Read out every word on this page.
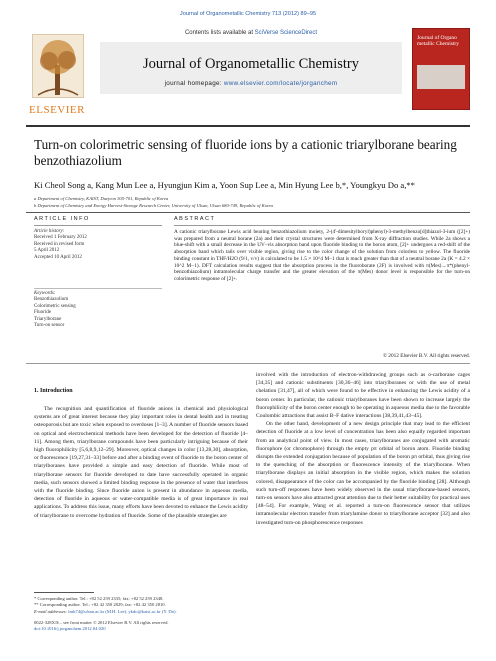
Journal of Organometallic Chemistry 713 (2012) 89–95
ELSEVIER
Contents lists available at SciVerse ScienceDirect
Journal of Organometallic Chemistry
journal homepage: www.elsevier.com/locate/jorganchem
Journal of Organo metallic Chemistry
Turn-on colorimetric sensing of fluoride ions by a cationic triarylborane bearing benzothiazolium
Ki Cheol Song a, Kang Mun Lee a, Hyungjun Kim a, Yoon Sup Lee a, Min Hyung Lee b,*, Youngkyu Do a,**
a Department of Chemistry, KAIST, Daejeon 305-701, Republic of Korea
b Department of Chemistry and Energy Harvest-Storage Research Center, University of Ulsan, Ulsan 680-749, Republic of Korea
ARTICLE INFO	ABSTRACT
Article history:
Received 1 February 2012
Received in revised form
5 April 2012
Accepted 10 April 2012
Keywords:
Benzothiazolium
Colorimetric sensing
Fluoride
Triarylborane
Turn-on sensor
A cationic triarylborane Lewis acid bearing benzothiazolium moiety, 2-(4'-dimesitylboryl)phenyl)-3-methylbenzo[d]thiazol-3-ium ([2]+) was prepared from a neutral borane (2a) and their crystal structures were determined from X-ray diffraction studies. While 2a shows a blue-shift with a small decrease in the UV–vis absorption band upon fluoride binding to the boron atom, [2]+ undergoes a red-shift of the absorption band which tails over visible region, giving rise to the color change of the solution from colorless to yellow. The fluoride binding constant in THF/H2O (9/1, v/v) is calculated to be 1.5 × 10^4 M−1 that is much greater than that of a neutral borane 2a (K = 4.2 × 10^2 M−1). DFT calculation results suggest that the absorption process in the fluoroborate (2F) is involved with π(Mes)→π*(phenyl-benzothiazolium) intramolecular charge transfer and the greater elevation of the π(Mes) donor level is responsible for the turn-on colorimetric response of [2]+.
© 2012 Elsevier B.V. All rights reserved.
1. Introduction

The recognition and quantification of fluoride anions in chemical and physiological systems are of great interest because they play important roles in dental health and in treating osteoporosis but are toxic when exposed to overdoses [1–3]. A number of fluoride sensors based on optical and electrochemical methods have been developed for the detection of fluoride [4–11]. Among them, triarylborane compounds have been particularly intriguing because of their high fluorophilicity [5,6,8,9,12–29]. Moreover, optical changes in color [13,28,30], absorption, or fluorescence [19,27,31–33] before and after a binding event of fluoride to the boron center of triarylboranes have provided a simple and easy detection of fluoride. While most of triarylborane sensors for fluoride developed to date have successfully operated in organic media, such sensors showed a limited binding response in the presence of water that interferes with the fluoride binding. Since fluoride anion is present in abundance in aqueous media, detection of fluoride in aqueous or water-compatible media is of great importance in real applications. To address this issue, many efforts have been devoted to enhance the Lewis acidity of triarylborane to overcome hydration of fluoride. Some of the plausible strategies are

involved with the introduction of electron-withdrawing groups such as o-carborane cages [34,35] and cationic substituents [30,36–46] into triarylboranes or with the use of metal chelation [31,47], all of which were found to be effective in enhancing the Lewis acidity of a boron center. In particular, the cationic triarylboranes have been shown to increase largely the fluorophilicity of the boron center enough to be operating in aqueous media due to the favorable Coulombic attractions that assist B–F dative interactions [38,39,41,43–45].

On the other hand, development of a new design principle that may lead to the efficient detection of fluoride at a low level of concentration has been also equally regarded important from an analytical point of view. In most cases, triarylboranes are conjugated with aromatic fluorophore (or chromophore) through the empty pπ orbital of boron atom. Fluoride binding disrupts the extended conjugation because of population of the boron pπ orbital, thus giving rise to the quenching of the absorption or fluorescence intensity of the triarylborane. When triarylborane displays an initial absorption in the visible region, which makes the solution colored, disappearance of the color can be accompanied by the fluoride binding [28]. Although such turn-off responses have been widely observed in the usual triarylborane-based sensors, turn-on sensors have also attracted great attention due to their better suitability for practical uses [48–54]. For example, Wang et al. reported a turn-on fluorescence sensor that utilizes intramolecular electron transfer from triarylamine donor to triarylborane acceptor [32] and also investigated turn-on phosphorescence responses

* Corresponding author. Tel.: +82 52 259 2335; fax: +82 52 259 2348.
** Corresponding author. Tel.: +82 42 350 2829; fax: +82 42 350 2810.
E-mail addresses: lmh74@ulsan.ac.kr (M.H. Lee), ykdo@kaist.ac.kr (Y. Do).
0022-328X/$ – see front matter © 2012 Elsevier B.V. All rights reserved.
doi:10.1016/j.jorganchem.2012.04.020
